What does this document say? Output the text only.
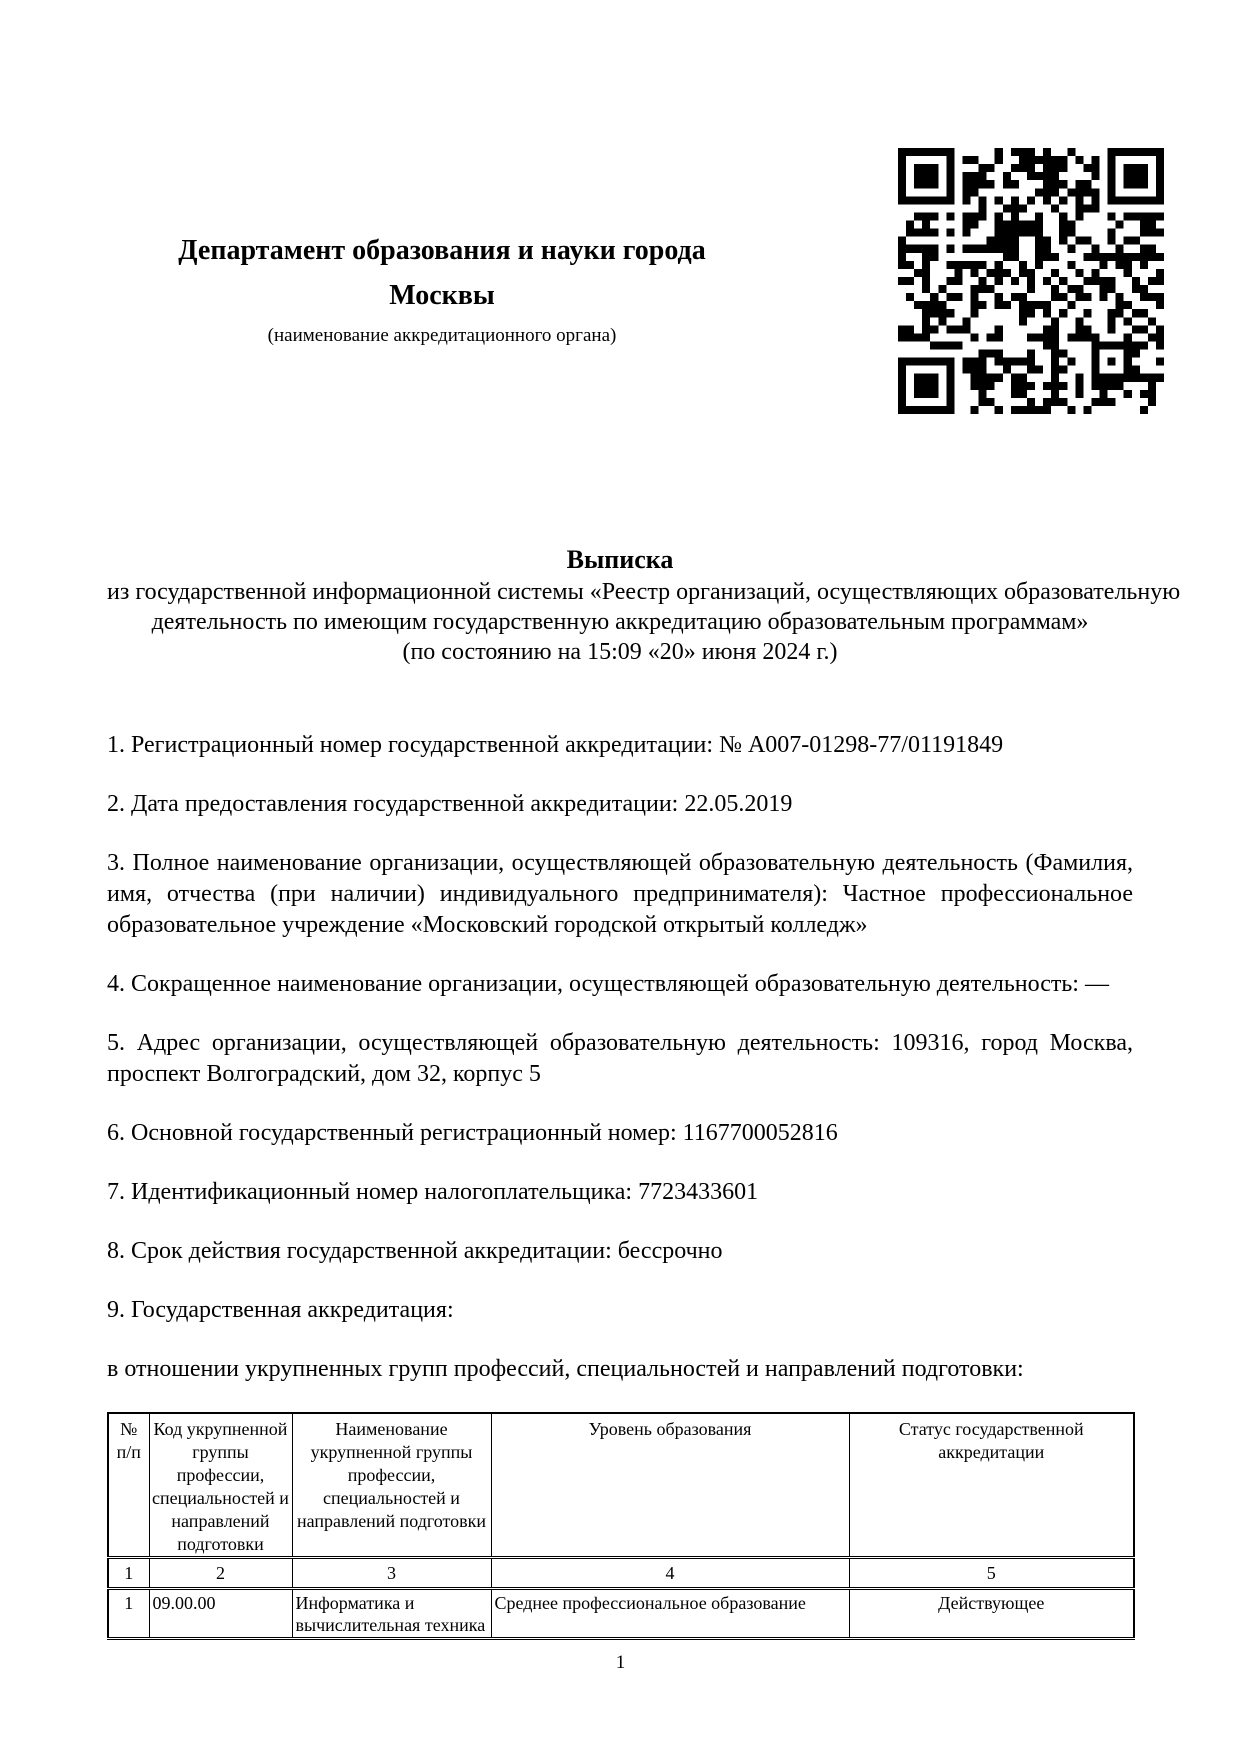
Департамент образования и науки города
Москвы
(наименование аккредитационного органа)
Выписка
из государственной информационной системы «Реестр организаций, осуществляющих образовательную
деятельность по имеющим государственную аккредитацию образовательным программам»
(по состоянию на 15:09 «20» июня 2024 г.)

1. Регистрационный номер государственной аккредитации: № А007-01298-77/01191849

2. Дата предоставления государственной аккредитации: 22.05.2019

3. Полное наименование организации, осуществляющей образовательную деятельность (Фамилия, имя, отчества (при наличии) индивидуального предпринимателя): Частное профессиональное образовательное учреждение «Московский городской открытый колледж»

4. Сокращенное наименование организации, осуществляющей образовательную деятельность: —

5. Адрес организации, осуществляющей образовательную деятельность: 109316, город Москва, проспект Волгоградский, дом 32, корпус 5

6. Основной государственный регистрационный номер: 1167700052816

7. Идентификационный номер налогоплательщика: 7723433601

8. Срок действия государственной аккредитации: бессрочно

9. Государственная аккредитация:

в отношении укрупненных групп профессий, специальностей и направлений подготовки:

№ п/п	Код укрупненной группы профессии, специальностей и направлений подготовки	Наименование укрупненной группы профессии, специальностей и направлений подготовки	Уровень образования	Статус государственной аккредитации
1	2	3	4	5
1	09.00.00	Информатика и вычислительная техника	Среднее профессиональное образование	Действующее
1
